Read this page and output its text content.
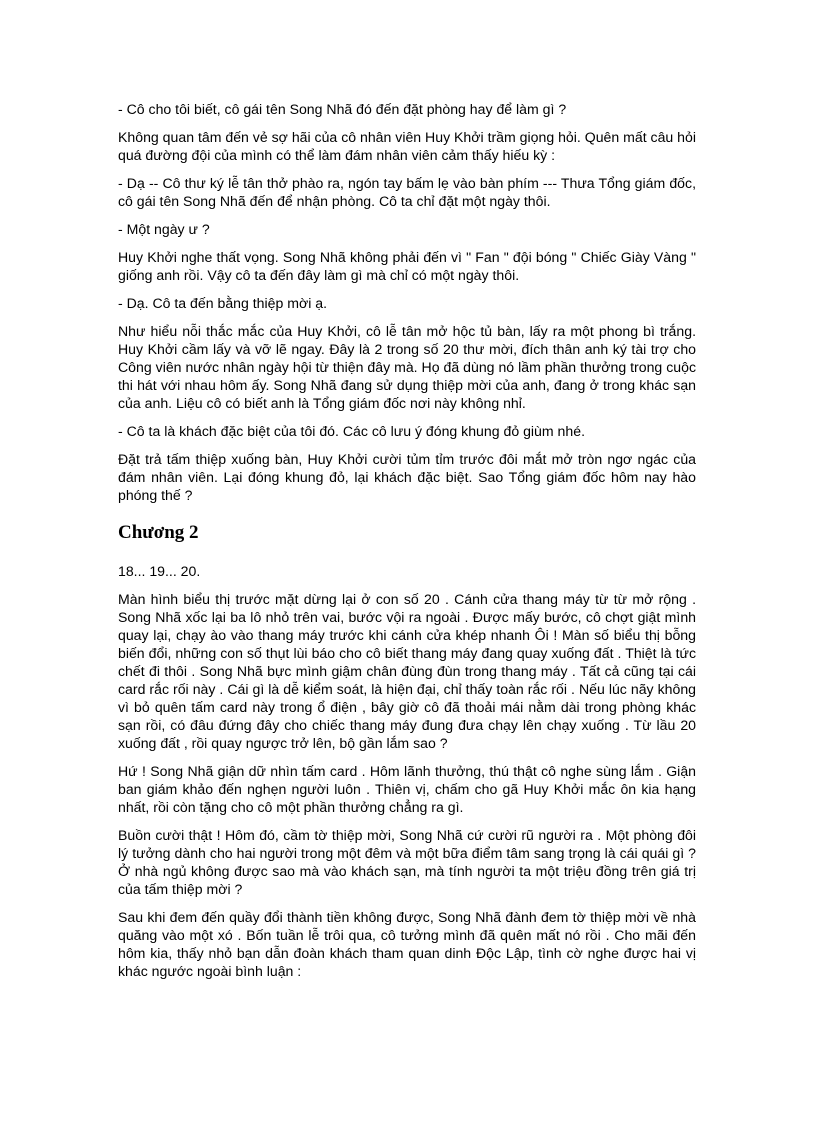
- Cô cho tôi biết, cô gái tên Song Nhã đó đến đặt phòng hay để làm gì ?

Không quan tâm đến vẻ sợ hãi của cô nhân viên Huy Khởi trầm giọng hỏi. Quên mất câu hỏi quá đường đội của mình có thể làm đám nhân viên cảm thấy hiếu kỳ :

- Dạ -- Cô thư ký lễ tân thở phào ra, ngón tay bấm lẹ vào bàn phím --- Thưa Tổng giám đốc, cô gái tên Song Nhã đến để nhận phòng. Cô ta chỉ đặt một ngày thôi.

- Một ngày ư ?

Huy Khởi nghe thất vọng. Song Nhã không phải đến vì " Fan " đội bóng " Chiếc Giày Vàng " giống anh rồi. Vậy cô ta đến đây làm gì mà chỉ có một ngày thôi.

- Dạ. Cô ta đến bằng thiệp mời ạ.

Như hiểu nỗi thắc mắc của Huy Khởi, cô lễ tân mở hộc tủ bàn, lấy ra một phong bì trắng. Huy Khởi cầm lấy và vỡ lẽ ngay. Đây là 2 trong số 20 thư mời, đích thân anh ký tài trợ cho Công viên nước nhân ngày hội từ thiện đây mà. Họ đã dùng nó lầm phần thưởng trong cuộc thi hát với nhau hôm ấy. Song Nhã đang sử dụng thiệp mời của anh, đang ở trong khác sạn của anh. Liệu cô có biết anh là Tổng giám đốc nơi này không nhỉ.

- Cô ta là khách đặc biệt của tôi đó. Các cô lưu ý đóng khung đỏ giùm nhé.

Đặt trả tấm thiệp xuống bàn, Huy Khởi cười tủm tỉm trước đôi mắt mở tròn ngơ ngác của đám nhân viên. Lại đóng khung đỏ, lại khách đặc biệt. Sao Tổng giám đốc hôm nay hào phóng thế ?

Chương 2

18... 19... 20.

Màn hình biểu thị trước mặt dừng lại ở con số 20 . Cánh cửa thang máy từ từ mở rộng . Song Nhã xốc lại ba lô nhỏ trên vai, bước vội ra ngoài . Được mấy bước, cô chợt giật mình quay lại, chạy ào vào thang máy trước khi cánh cửa khép nhanh Ôi ! Màn số biểu thị bỗng biến đổi, những con số thụt lùi báo cho cô biết thang máy đang quay xuống đất . Thiệt là tức chết đi thôi . Song Nhã bực mình giậm chân đùng đùn trong thang máy . Tất cả cũng tại cái card rắc rối này . Cái gì là dễ kiểm soát, là hiện đại, chỉ thấy toàn rắc rối . Nếu lúc nãy không vì bỏ quên tấm card này trong ổ điện , bây giờ cô đã thoải mái nằm dài trong phòng khác sạn rồi, có đâu đứng đây cho chiếc thang máy đung đưa chạy lên chạy xuống . Từ lầu 20 xuống đất , rồi quay ngược trở lên, bộ gần lắm sao ?

Hứ ! Song Nhã giận dữ nhìn tấm card . Hôm lãnh thưởng, thú thật cô nghe sùng lắm . Giận ban giám khảo đến nghẹn người luôn . Thiên vị, chấm cho gã Huy Khởi mắc ôn kia hạng nhất, rồi còn tặng cho cô một phần thưởng chẳng ra gì.

Buồn cười thật ! Hôm đó, cầm tờ thiệp mời, Song Nhã cứ cười rũ người ra . Một phòng đôi lý tưởng dành cho hai người trong một đêm và một bữa điểm tâm sang trọng là cái quái gì ? Ở nhà ngủ không được sao mà vào khách sạn, mà tính người ta một triệu đồng trên giá trị của tấm thiệp mời ?

Sau khi đem đến quầy đổi thành tiền không được, Song Nhã đành đem tờ thiệp mời về nhà quăng vào một xó . Bốn tuần lễ trôi qua, cô tưởng mình đã quên mất nó rồi . Cho mãi đến hôm kia, thấy nhỏ bạn dẫn đoàn khách tham quan dinh Độc Lập, tình cờ nghe được hai vị khác ngước ngoài bình luận :
